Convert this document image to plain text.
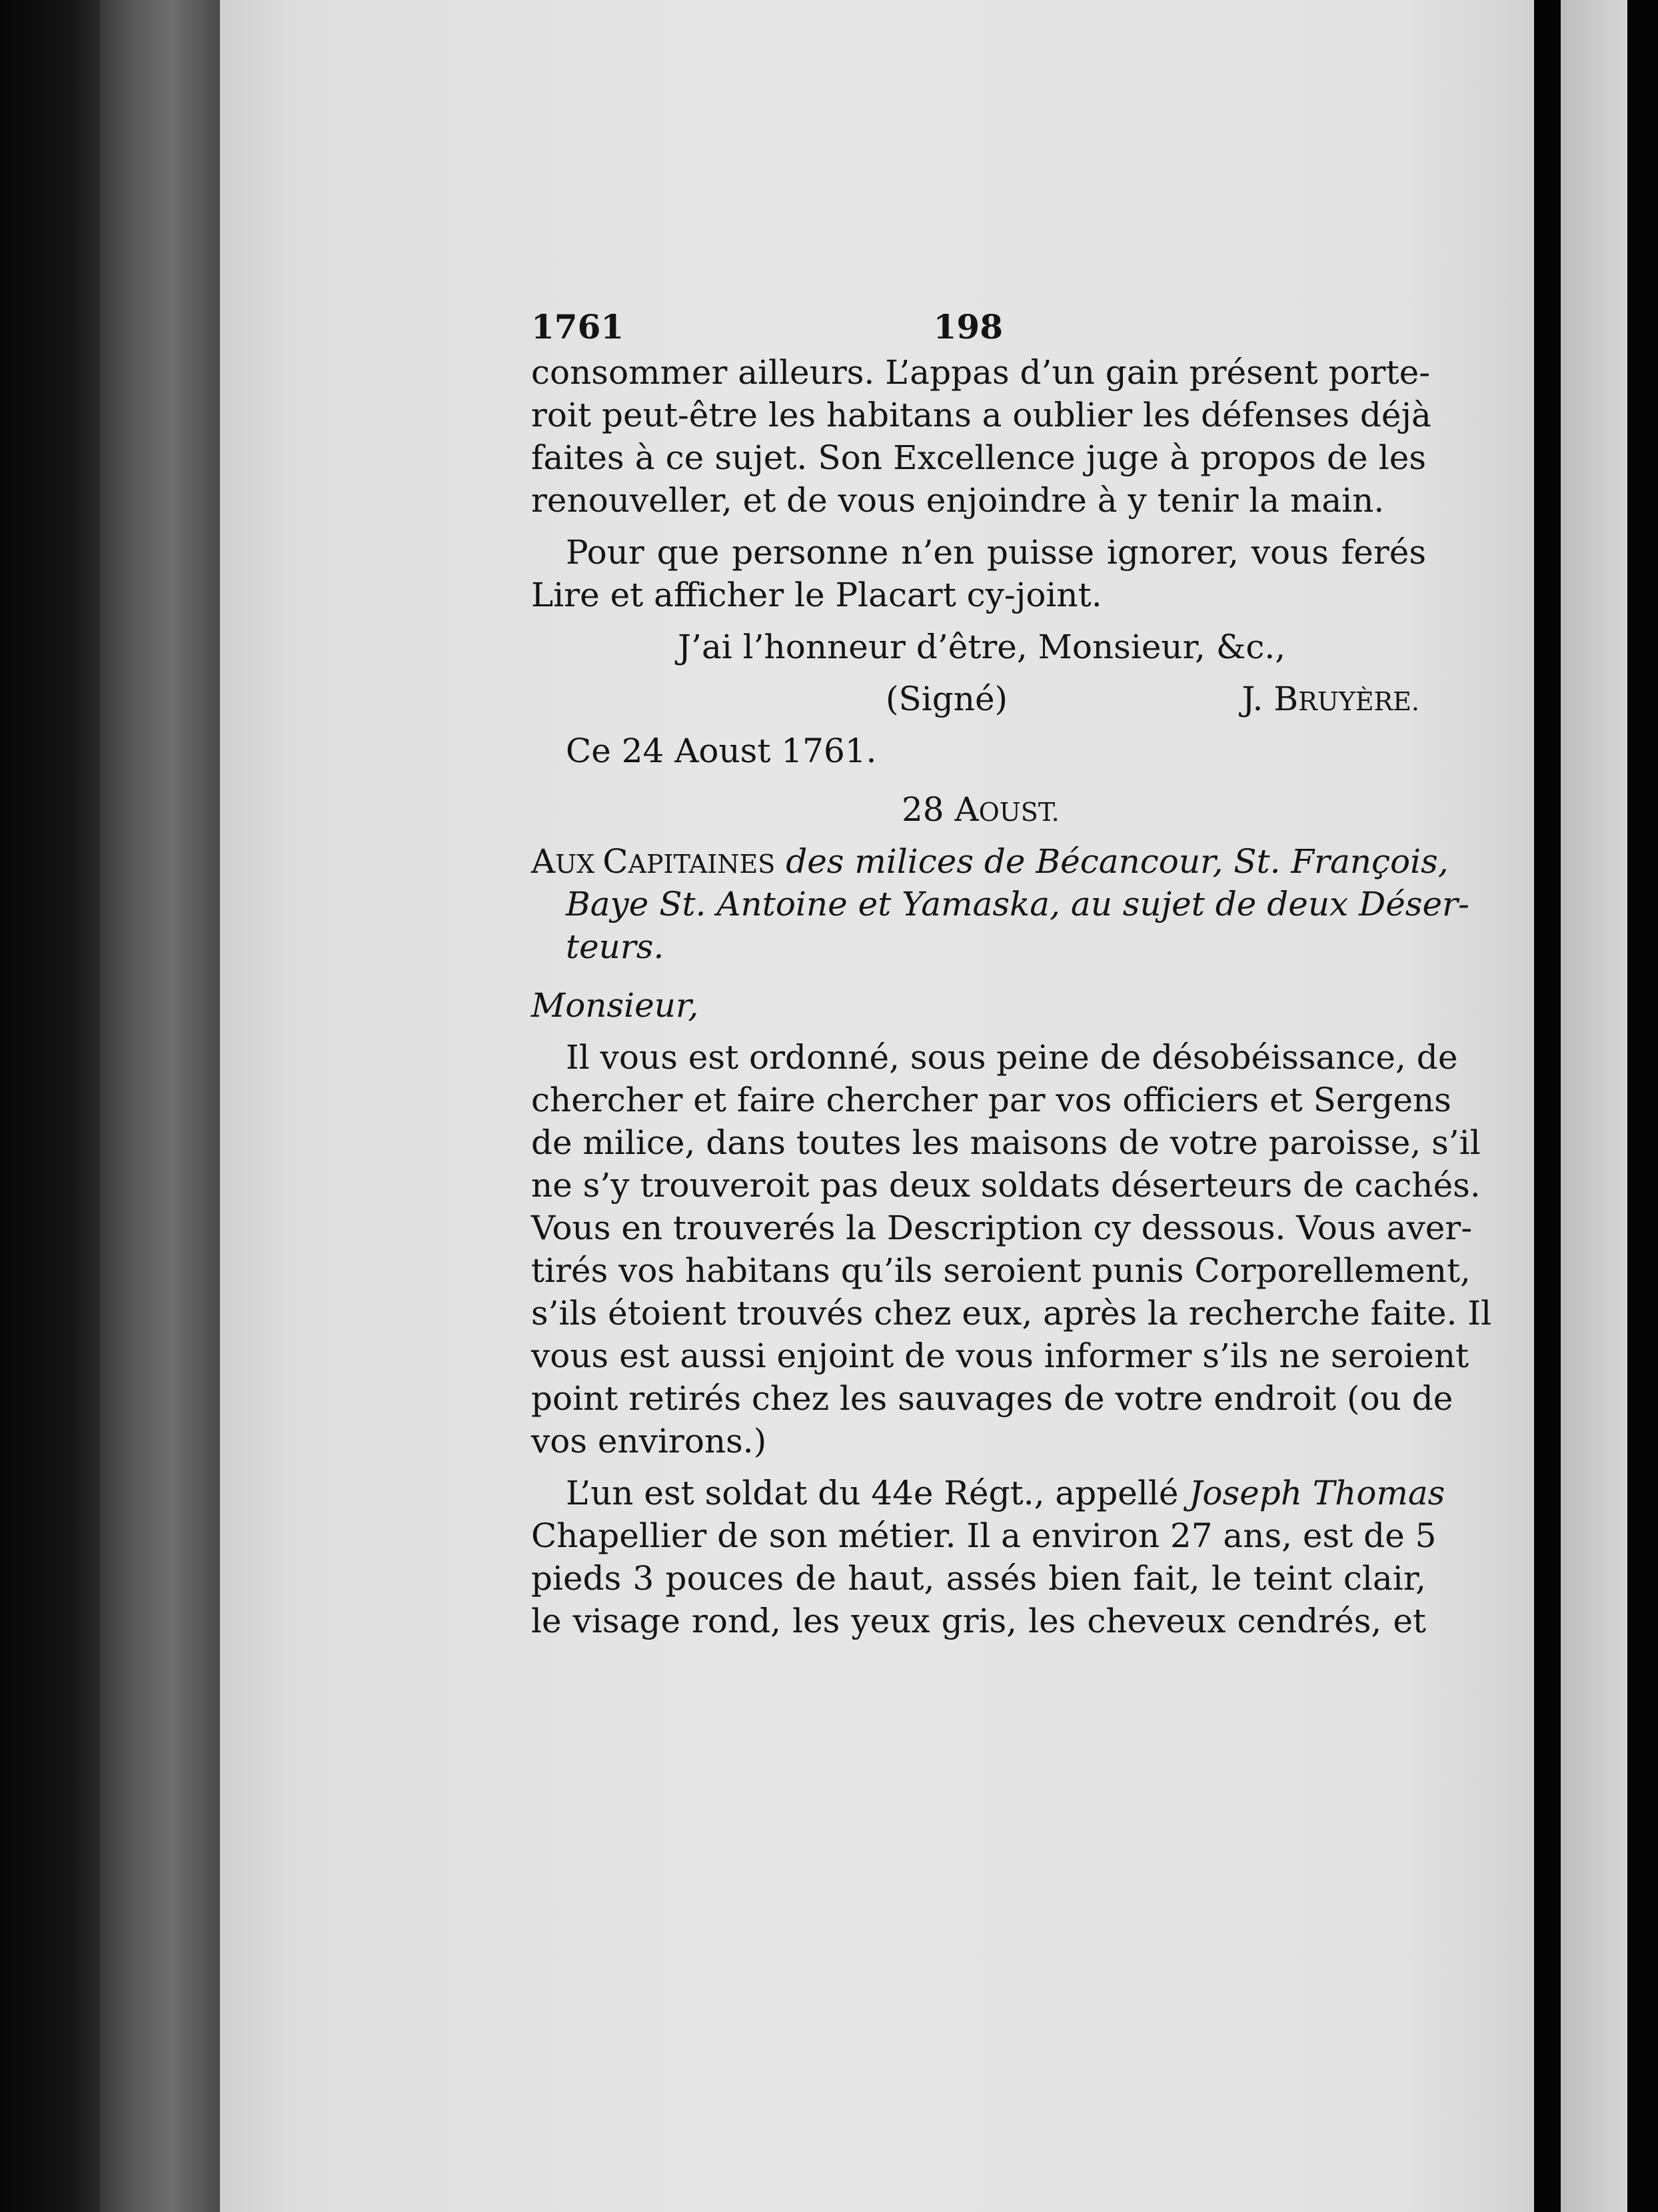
1761	198
consommer ailleurs. L’appas d’un gain présent porte-
roit peut-être les habitans a oublier les défenses déjà
faites à ce sujet. Son Excellence juge à propos de les
renouveller, et de vous enjoindre à y tenir la main.
Pour que personne n’en puisse ignorer, vous ferés
Lire et afficher le Placart cy-joint.
J’ai l’honneur d’être, Monsieur, &c.,
(Signé)	J. BRUYÈRE.
Ce 24 Aoust 1761.
28 AOUST.
AUX CAPITAINES des milices de Bécancour, St. François,
Baye St. Antoine et Yamaska, au sujet de deux Déser-
teurs.
Monsieur,
Il vous est ordonné, sous peine de désobéissance, de
chercher et faire chercher par vos officiers et Sergens
de milice, dans toutes les maisons de votre paroisse, s’il
ne s’y trouveroit pas deux soldats déserteurs de cachés.
Vous en trouverés la Description cy dessous. Vous aver-
tirés vos habitans qu’ils seroient punis Corporellement,
s’ils étoient trouvés chez eux, après la recherche faite. Il
vous est aussi enjoint de vous informer s’ils ne seroient
point retirés chez les sauvages de votre endroit (ou de
vos environs.)
L’un est soldat du 44e Régt., appellé Joseph Thomas
Chapellier de son métier. Il a environ 27 ans, est de 5
pieds 3 pouces de haut, assés bien fait, le teint clair,
le visage rond, les yeux gris, les cheveux cendrés, et
